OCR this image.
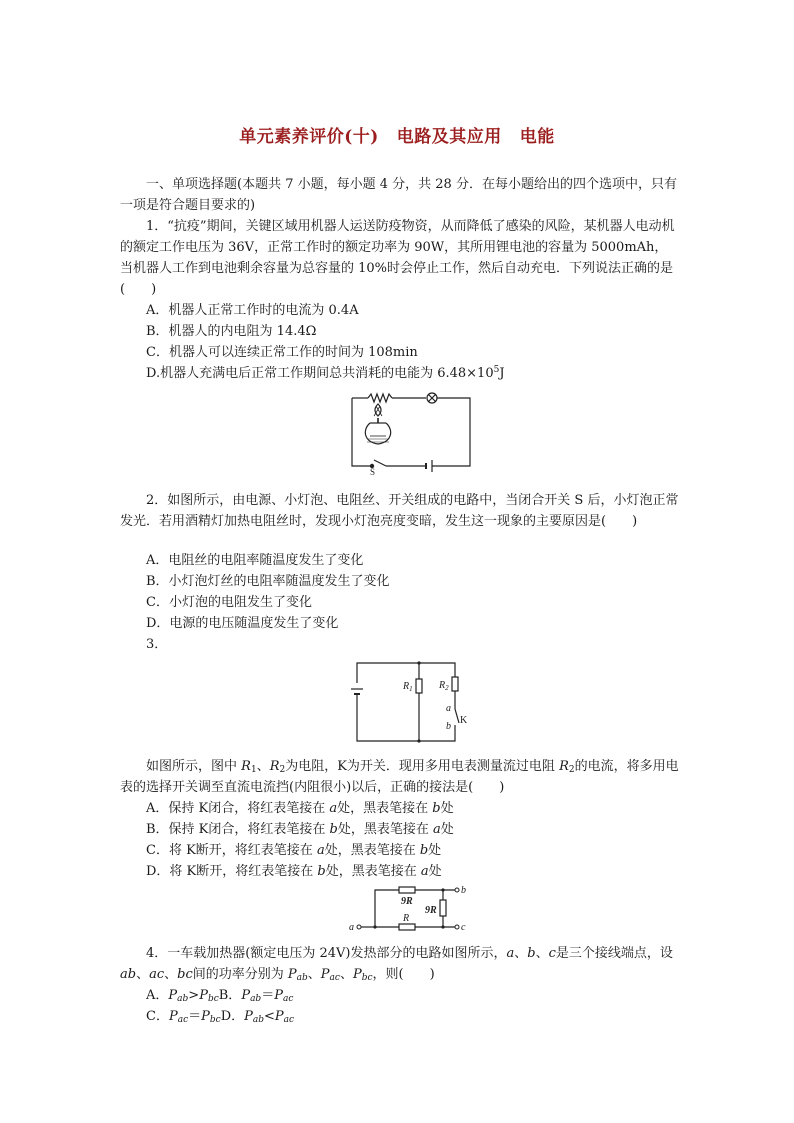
单元素养评价(十) 电路及其应用 电能
一、单项选择题(本题共 7 小题，每小题 4 分，共 28 分．在每小题给出的四个选项中，只有一项是符合题目要求的)
1．“抗疫”期间，关键区域用机器人运送防疫物资，从而降低了感染的风险，某机器人电动机的额定工作电压为 36V，正常工作时的额定功率为 90W，其所用锂电池的容量为 5000mAh，当机器人工作到电池剩余容量为总容量的 10%时会停止工作，然后自动充电．下列说法正确的是(　　)
A．机器人正常工作时的电流为 0.4A
B．机器人的内电阻为 14.4Ω
C．机器人可以连续正常工作的时间为 108min
D.机器人充满电后正常工作期间总共消耗的电能为 $6.48\times 10^5J$
S
2．如图所示，由电源、小灯泡、电阻丝、开关组成的电路中，当闭合开关 S 后，小灯泡正常发光．若用酒精灯加热电阻丝时，发现小灯泡亮度变暗，发生这一现象的主要原因是(　　)
A．电阻丝的电阻率随温度发生了变化
B．小灯泡灯丝的电阻率随温度发生了变化
C．小灯泡的电阻发生了变化
D．电源的电压随温度发生了变化
3．
$R_1$	$R_2$
a
b
K
如图所示，图中 $R_1$、$R_2$为电阻，K为开关．现用多用电表测量流过电阻 $R_2$的电流，将多用电表的选择开关调至直流电流挡(内阻很小)以后，正确的接法是(　　)
A．保持 K闭合，将红表笔接在 a处，黑表笔接在 b处
B．保持 K闭合，将红表笔接在 b处，黑表笔接在 a处
C．将 K断开，将红表笔接在 a处，黑表笔接在 b处
D．将 K断开，将红表笔接在 b处，黑表笔接在 a处
9R
9R
R
a
b
c
4．一车载加热器(额定电压为 24V)发热部分的电路如图所示，a、b、c是三个接线端点，设 ab、ac、bc间的功率分别为 $P_{ab}$、$P_{ac}$、$P_{bc}$，则(　　)
A．$P_{ab}>P_{bc}B$．$P_{ab}=P_{ac}$
C．$P_{ac}=P_{bc}D$．$P_{ab}<P_{ac}$
